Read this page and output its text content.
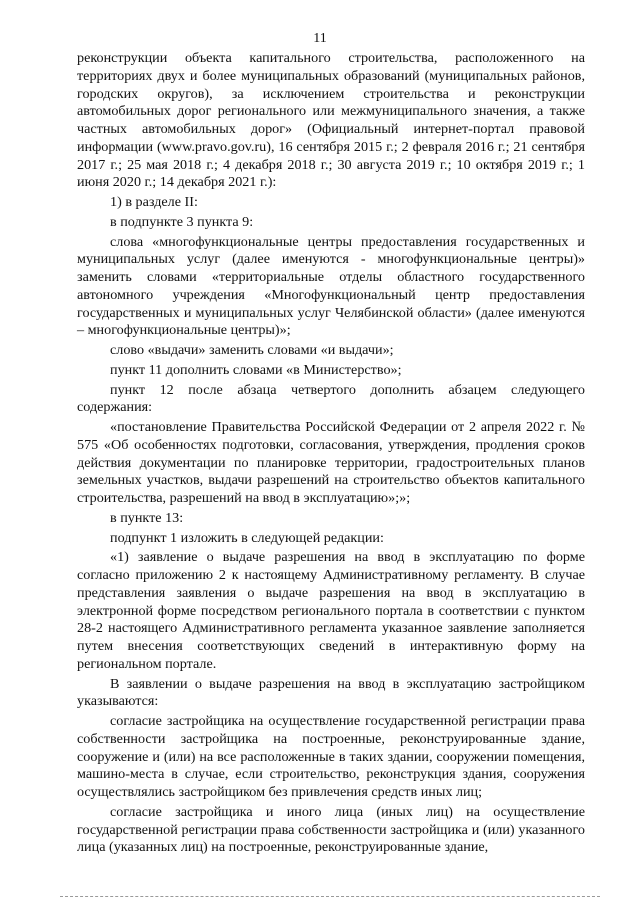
11

реконструкции объекта капитального строительства, расположенного на территориях двух и более муниципальных образований (муниципальных районов, городских округов), за исключением строительства и реконструкции автомобильных дорог регионального или межмуниципального значения, а также частных автомобильных дорог» (Официальный интернет-портал правовой информации (www.pravo.gov.ru), 16 сентября 2015 г.; 2 февраля 2016 г.; 21 сентября 2017 г.; 25 мая 2018 г.; 4 декабря 2018 г.; 30 августа 2019 г.; 10 октября 2019 г.; 1 июня 2020 г.; 14 декабря 2021 г.):

1) в разделе II:

в подпункте 3 пункта 9:

слова «многофункциональные центры предоставления государственных и муниципальных услуг (далее именуются - многофункциональные центры)» заменить словами «территориальные отделы областного государственного автономного учреждения «Многофункциональный центр предоставления государственных и муниципальных услуг Челябинской области» (далее именуются – многофункциональные центры)»;

слово «выдачи» заменить словами «и выдачи»;

пункт 11 дополнить словами «в Министерство»;

пункт 12 после абзаца четвертого дополнить абзацем следующего содержания:

«постановление Правительства Российской Федерации от 2 апреля 2022 г. № 575 «Об особенностях подготовки, согласования, утверждения, продления сроков действия документации по планировке территории, градостроительных планов земельных участков, выдачи разрешений на строительство объектов капитального строительства, разрешений на ввод в эксплуатацию»;»;

в пункте 13:

подпункт 1 изложить в следующей редакции:

«1) заявление о выдаче разрешения на ввод в эксплуатацию по форме согласно приложению 2 к настоящему Административному регламенту. В случае представления заявления о выдаче разрешения на ввод в эксплуатацию в электронной форме посредством регионального портала в соответствии с пунктом 28-2 настоящего Административного регламента указанное заявление заполняется путем внесения соответствующих сведений в интерактивную форму на региональном портале.

В заявлении о выдаче разрешения на ввод в эксплуатацию застройщиком указываются:

согласие застройщика на осуществление государственной регистрации права собственности застройщика на построенные, реконструированные здание, сооружение и (или) на все расположенные в таких здании, сооружении помещения, машино-места в случае, если строительство, реконструкция здания, сооружения осуществлялись застройщиком без привлечения средств иных лиц;

согласие застройщика и иного лица (иных лиц) на осуществление государственной регистрации права собственности застройщика и (или) указанного лица (указанных лиц) на построенные, реконструированные здание,
